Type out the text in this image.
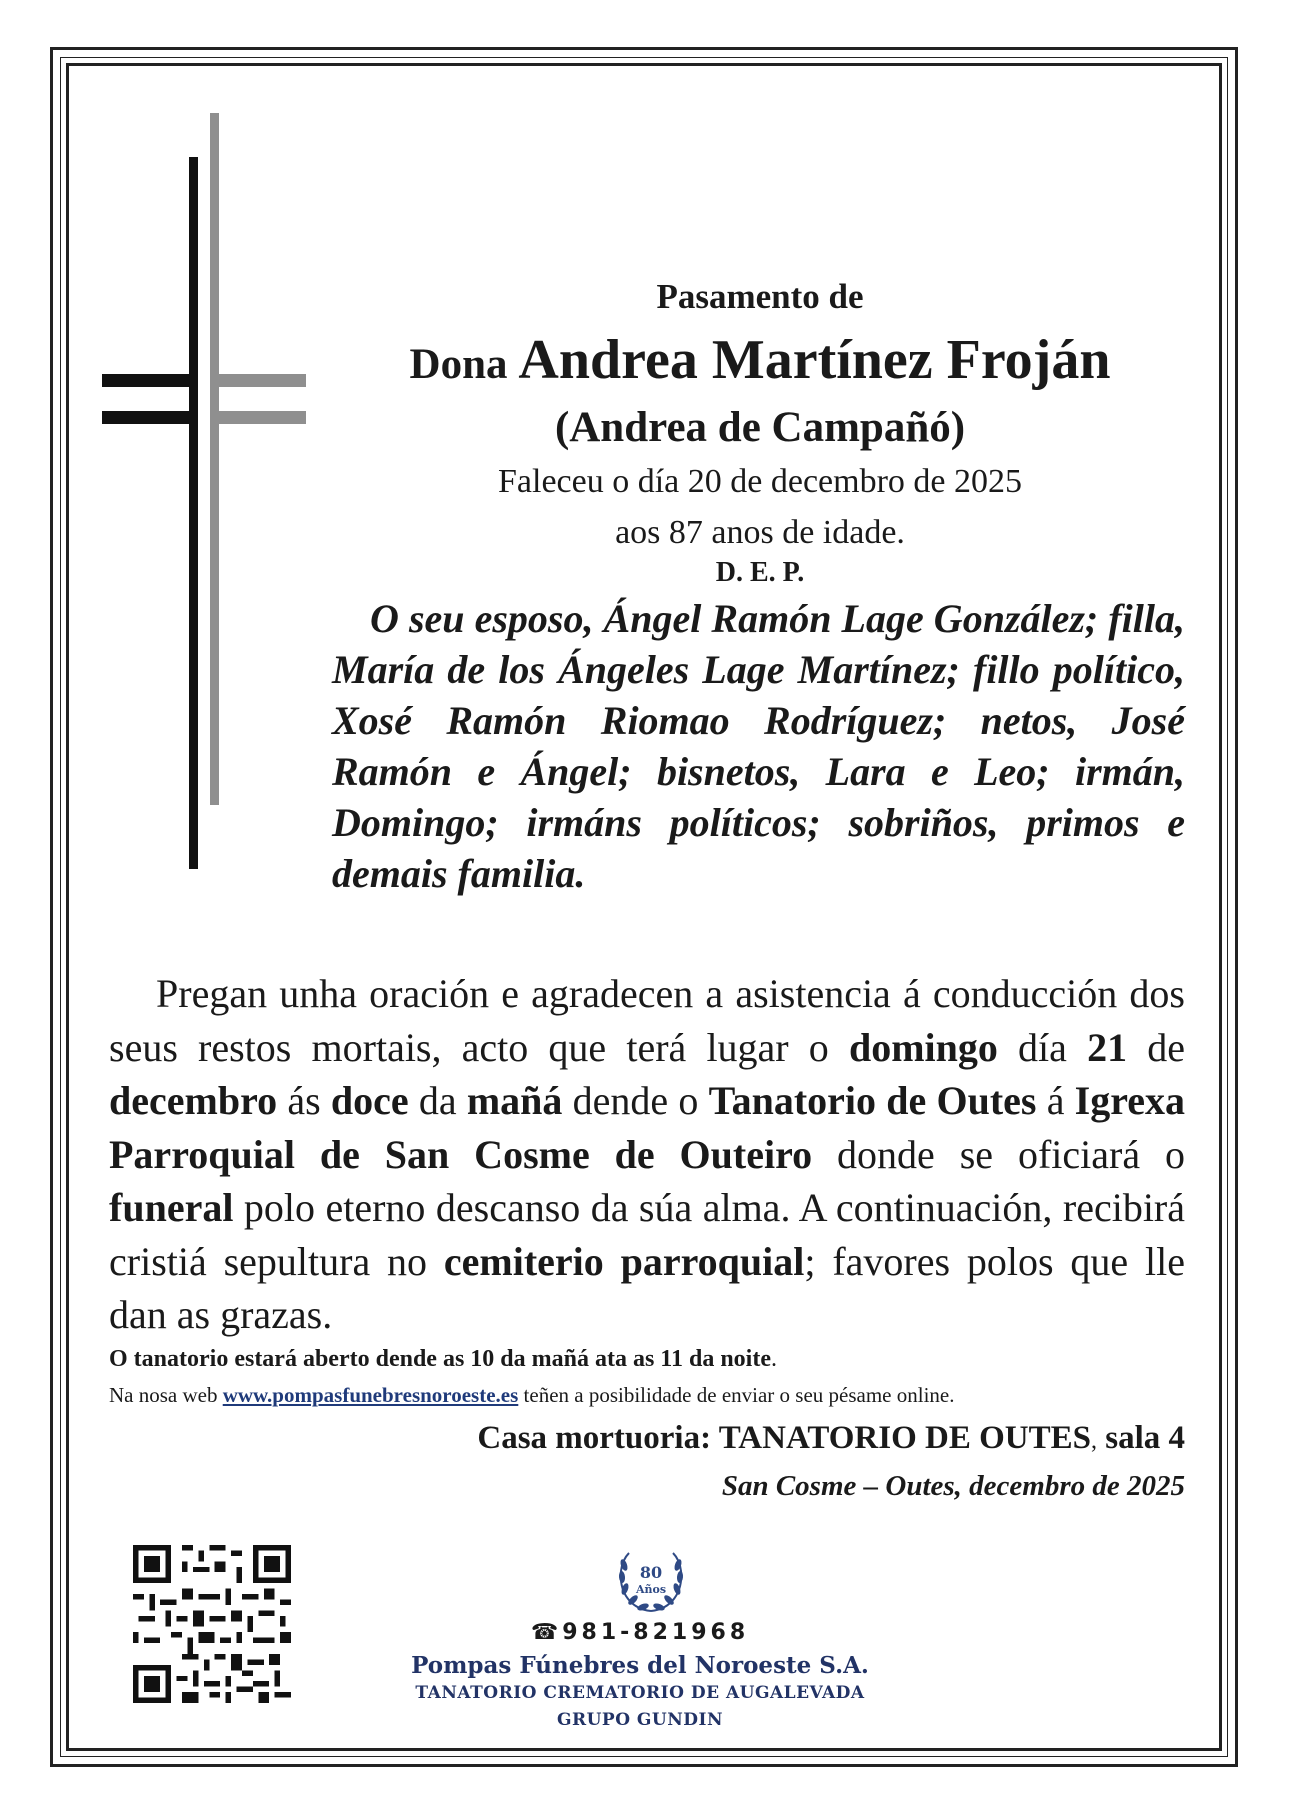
Pasamento de
Dona Andrea Martínez Froján
(Andrea de Campañó)
Faleceu o día 20 de decembro de 2025
aos 87 anos de idade.
D. E. P.

O seu esposo, Ángel Ramón Lage González; filla, María de los Ángeles Lage Martínez; fillo político, Xosé Ramón Riomao Rodríguez; netos, José Ramón e Ángel; bisnetos, Lara e Leo; irmán, Domingo; irmáns políticos; sobriños, primos e demais familia.

Pregan unha oración e agradecen a asistencia á conducción dos seus restos mortais, acto que terá lugar o domingo día 21 de decembro ás doce da mañá dende o Tanatorio de Outes á Igrexa Parroquial de San Cosme de Outeiro donde se oficiará o funeral polo eterno descanso da súa alma. A continuación, recibirá cristiá sepultura no cemiterio parroquial; favores polos que lle dan as grazas.

O tanatorio estará aberto dende as 10 da mañá ata as 11 da noite.
Na nosa web www.pompasfunebresnoroeste.es teñen a posibilidade de enviar o seu pésame online.
Casa mortuoria: TANATORIO DE OUTES, sala 4
San Cosme – Outes, decembro de 2025
80
Años
☎981-821968
Pompas Fúnebres del Noroeste S.A.
TANATORIO CREMATORIO DE AUGALEVADA
GRUPO GUNDIN
